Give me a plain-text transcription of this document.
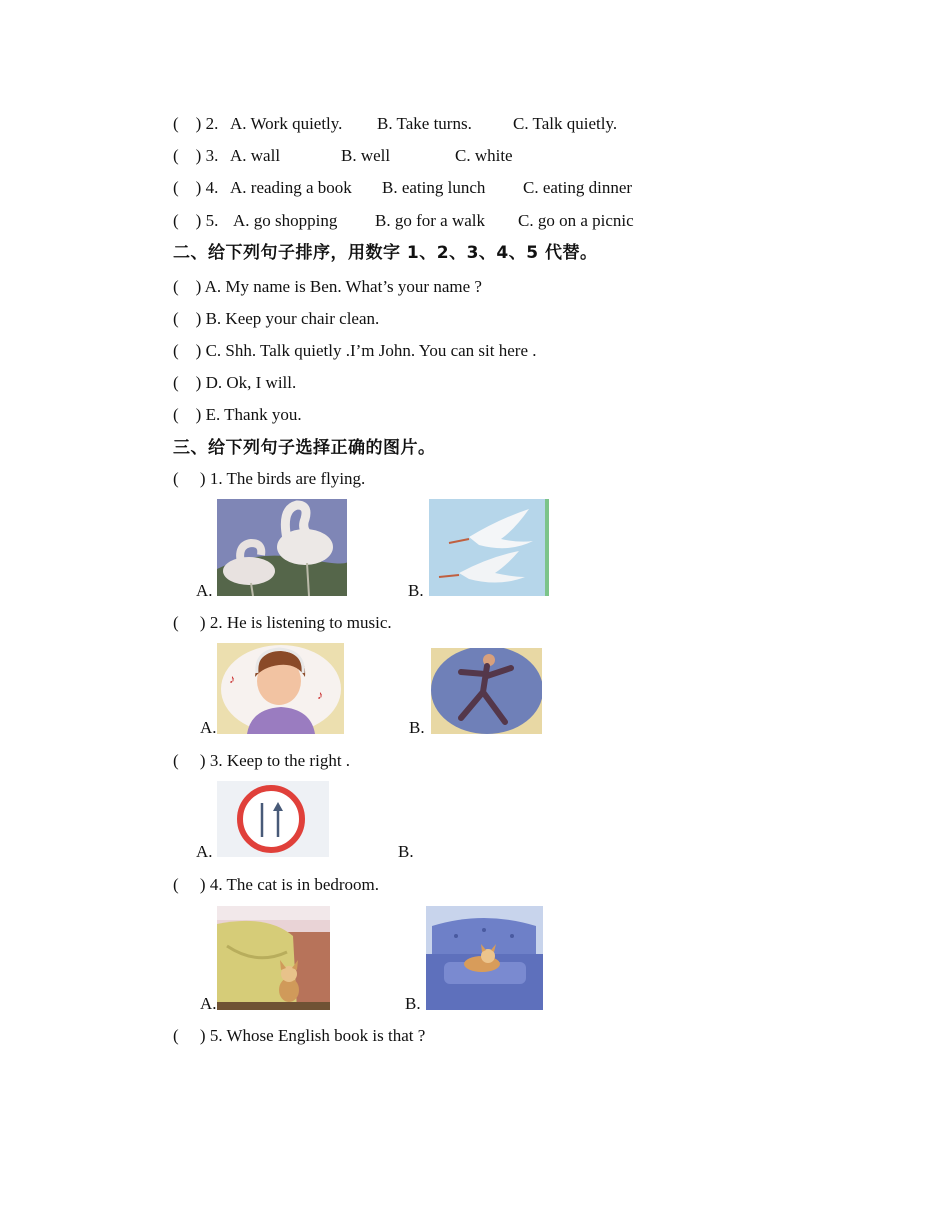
(    ) 2. A. Work quietly. B. Take turns. C. Talk quietly.
(    ) 3. A. wall	B. well	C. white
(    ) 4. A. reading a book B. eating lunch C. eating dinner
(    ) 5. A. go shopping B. go for a walk C. go on a picnic
二、给下列句子排序，用数字 1、2、3、4、5 代替。
(    ) A. My name is Ben. What’s your name ?
(    ) B. Keep your chair clean.
(    ) C. Shh. Talk quietly .I’m John. You can sit here .
(    ) D. Ok, I will.
(    ) E. Thank you.
三、给下列句子选择正确的图片。
(     ) 1. The birds are flying.
A.	B.
(     ) 2. He is listening to music.
A.
♪
♪
B.
(     ) 3. Keep to the right .
A.	B.
(     ) 4. The cat is in bedroom.
A.	B.
(     ) 5. Whose English book is that ?
